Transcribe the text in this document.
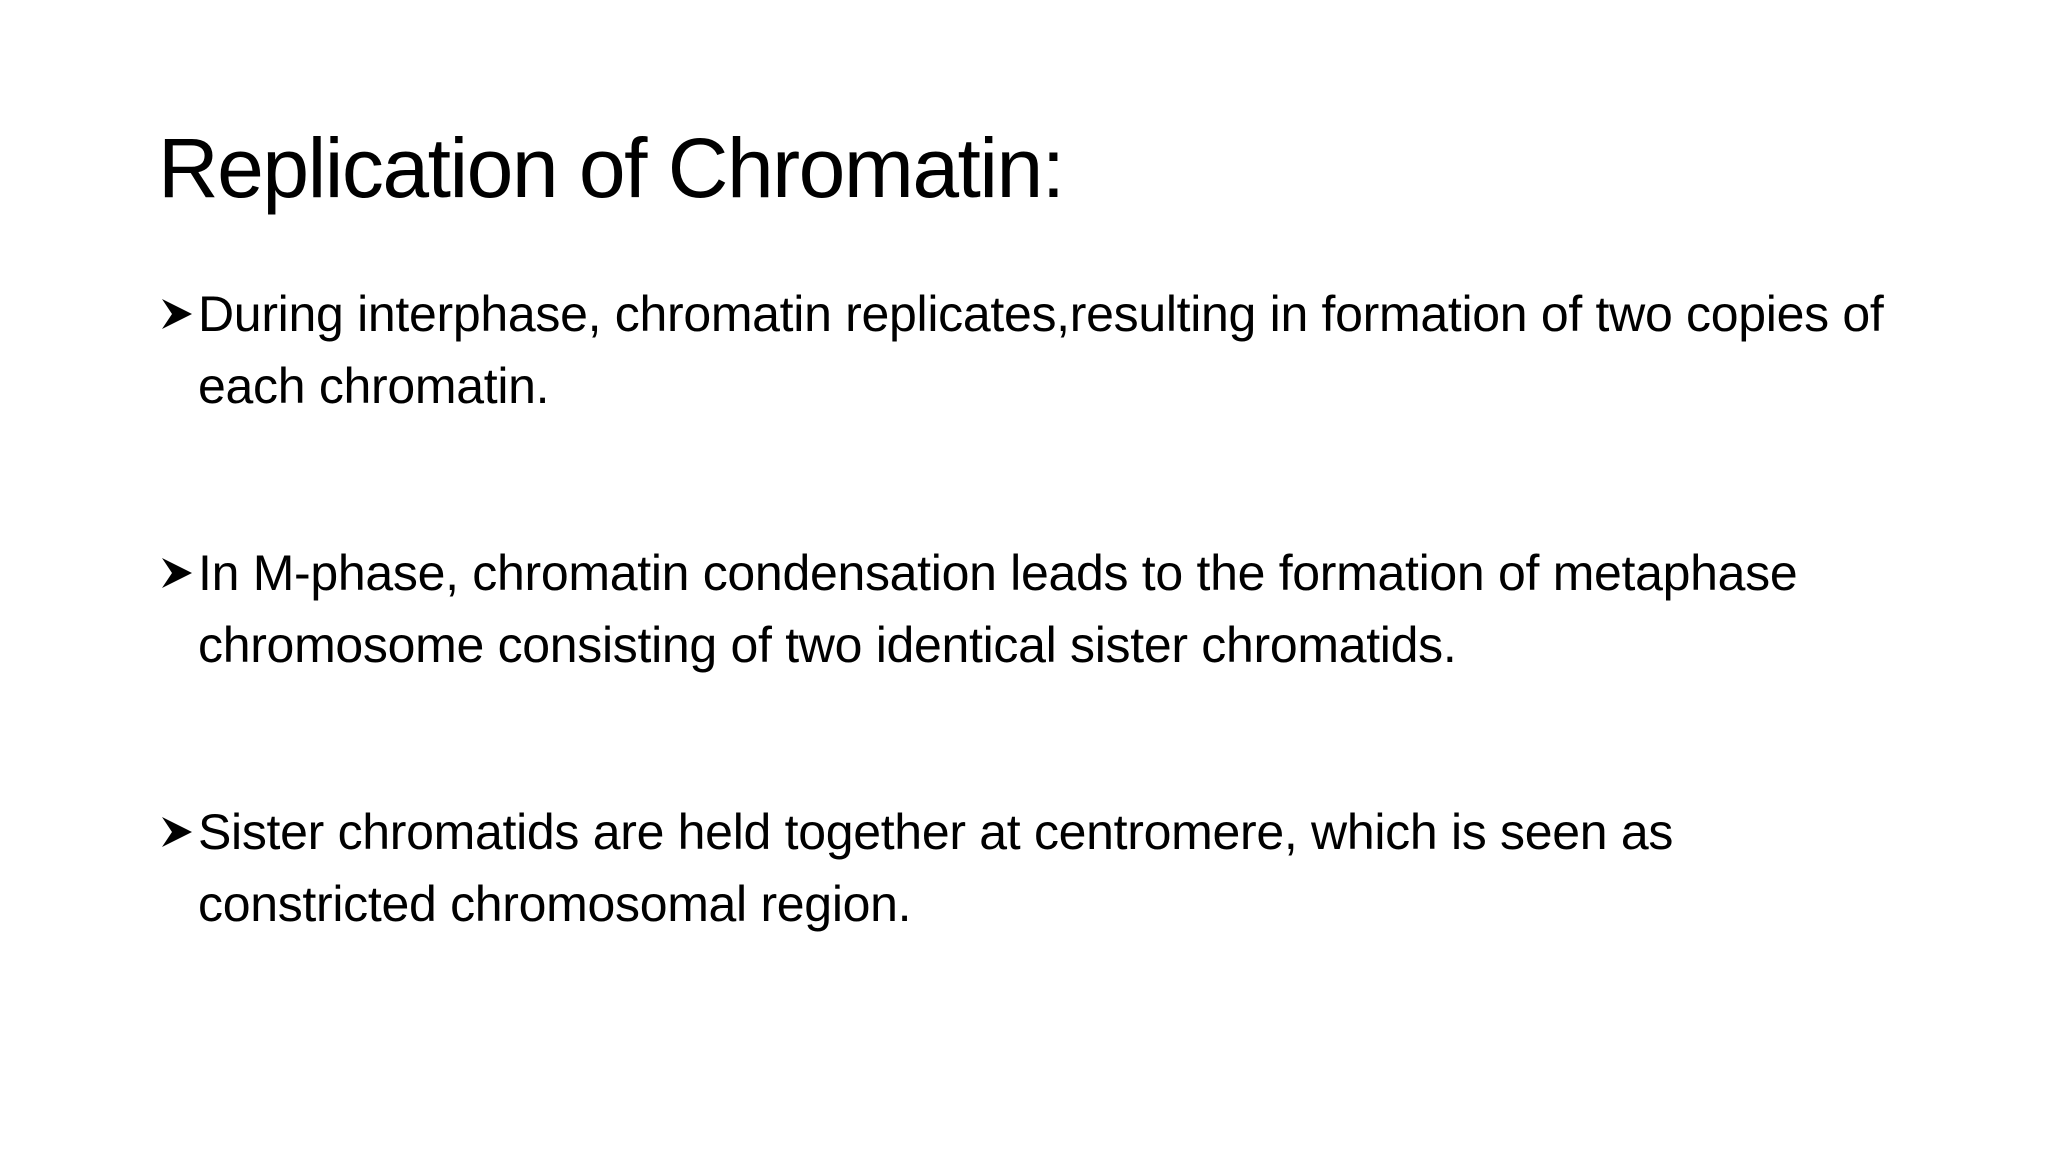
Replication of Chromatin:
During interphase, chromatin replicates,resulting in formation of two copies of each chromatin.
In M-phase, chromatin condensation leads to the formation of metaphase chromosome consisting of two identical sister chromatids.
Sister chromatids are held together at centromere, which is seen as constricted chromosomal region.
